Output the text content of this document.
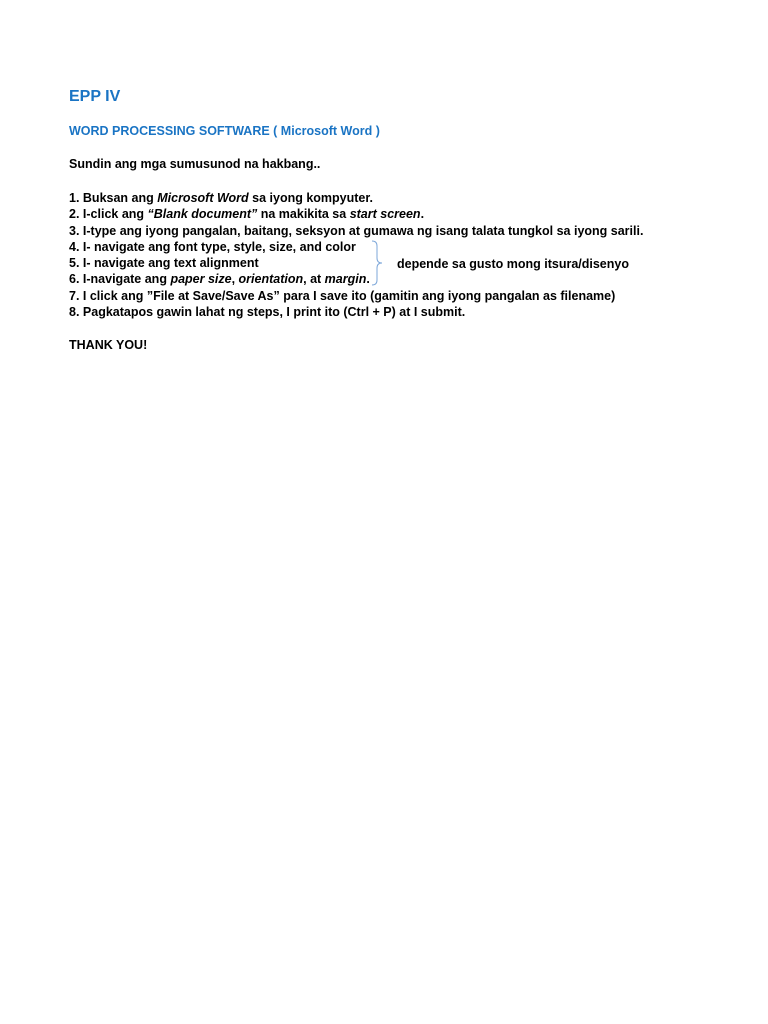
EPP IV
WORD PROCESSING SOFTWARE ( Microsoft Word )

Sundin ang mga sumusunod na hakbang..

1. Buksan ang Microsoft Word sa iyong kompyuter.
2. I-click ang “Blank document” na makikita sa start screen.
3. I-type ang iyong pangalan, baitang, seksyon at gumawa ng isang talata tungkol sa iyong sarili.
4. I- navigate ang font type, style, size, and color
5. I- navigate ang text alignment
6. I-navigate ang paper size, orientation, at margin.
7. I click ang ”File at Save/Save As” para I save ito (gamitin ang iyong pangalan as filename)
8. Pagkatapos gawin lahat ng steps, I print ito (Ctrl + P) at I submit.
depende sa gusto mong itsura/disenyo

THANK YOU!
